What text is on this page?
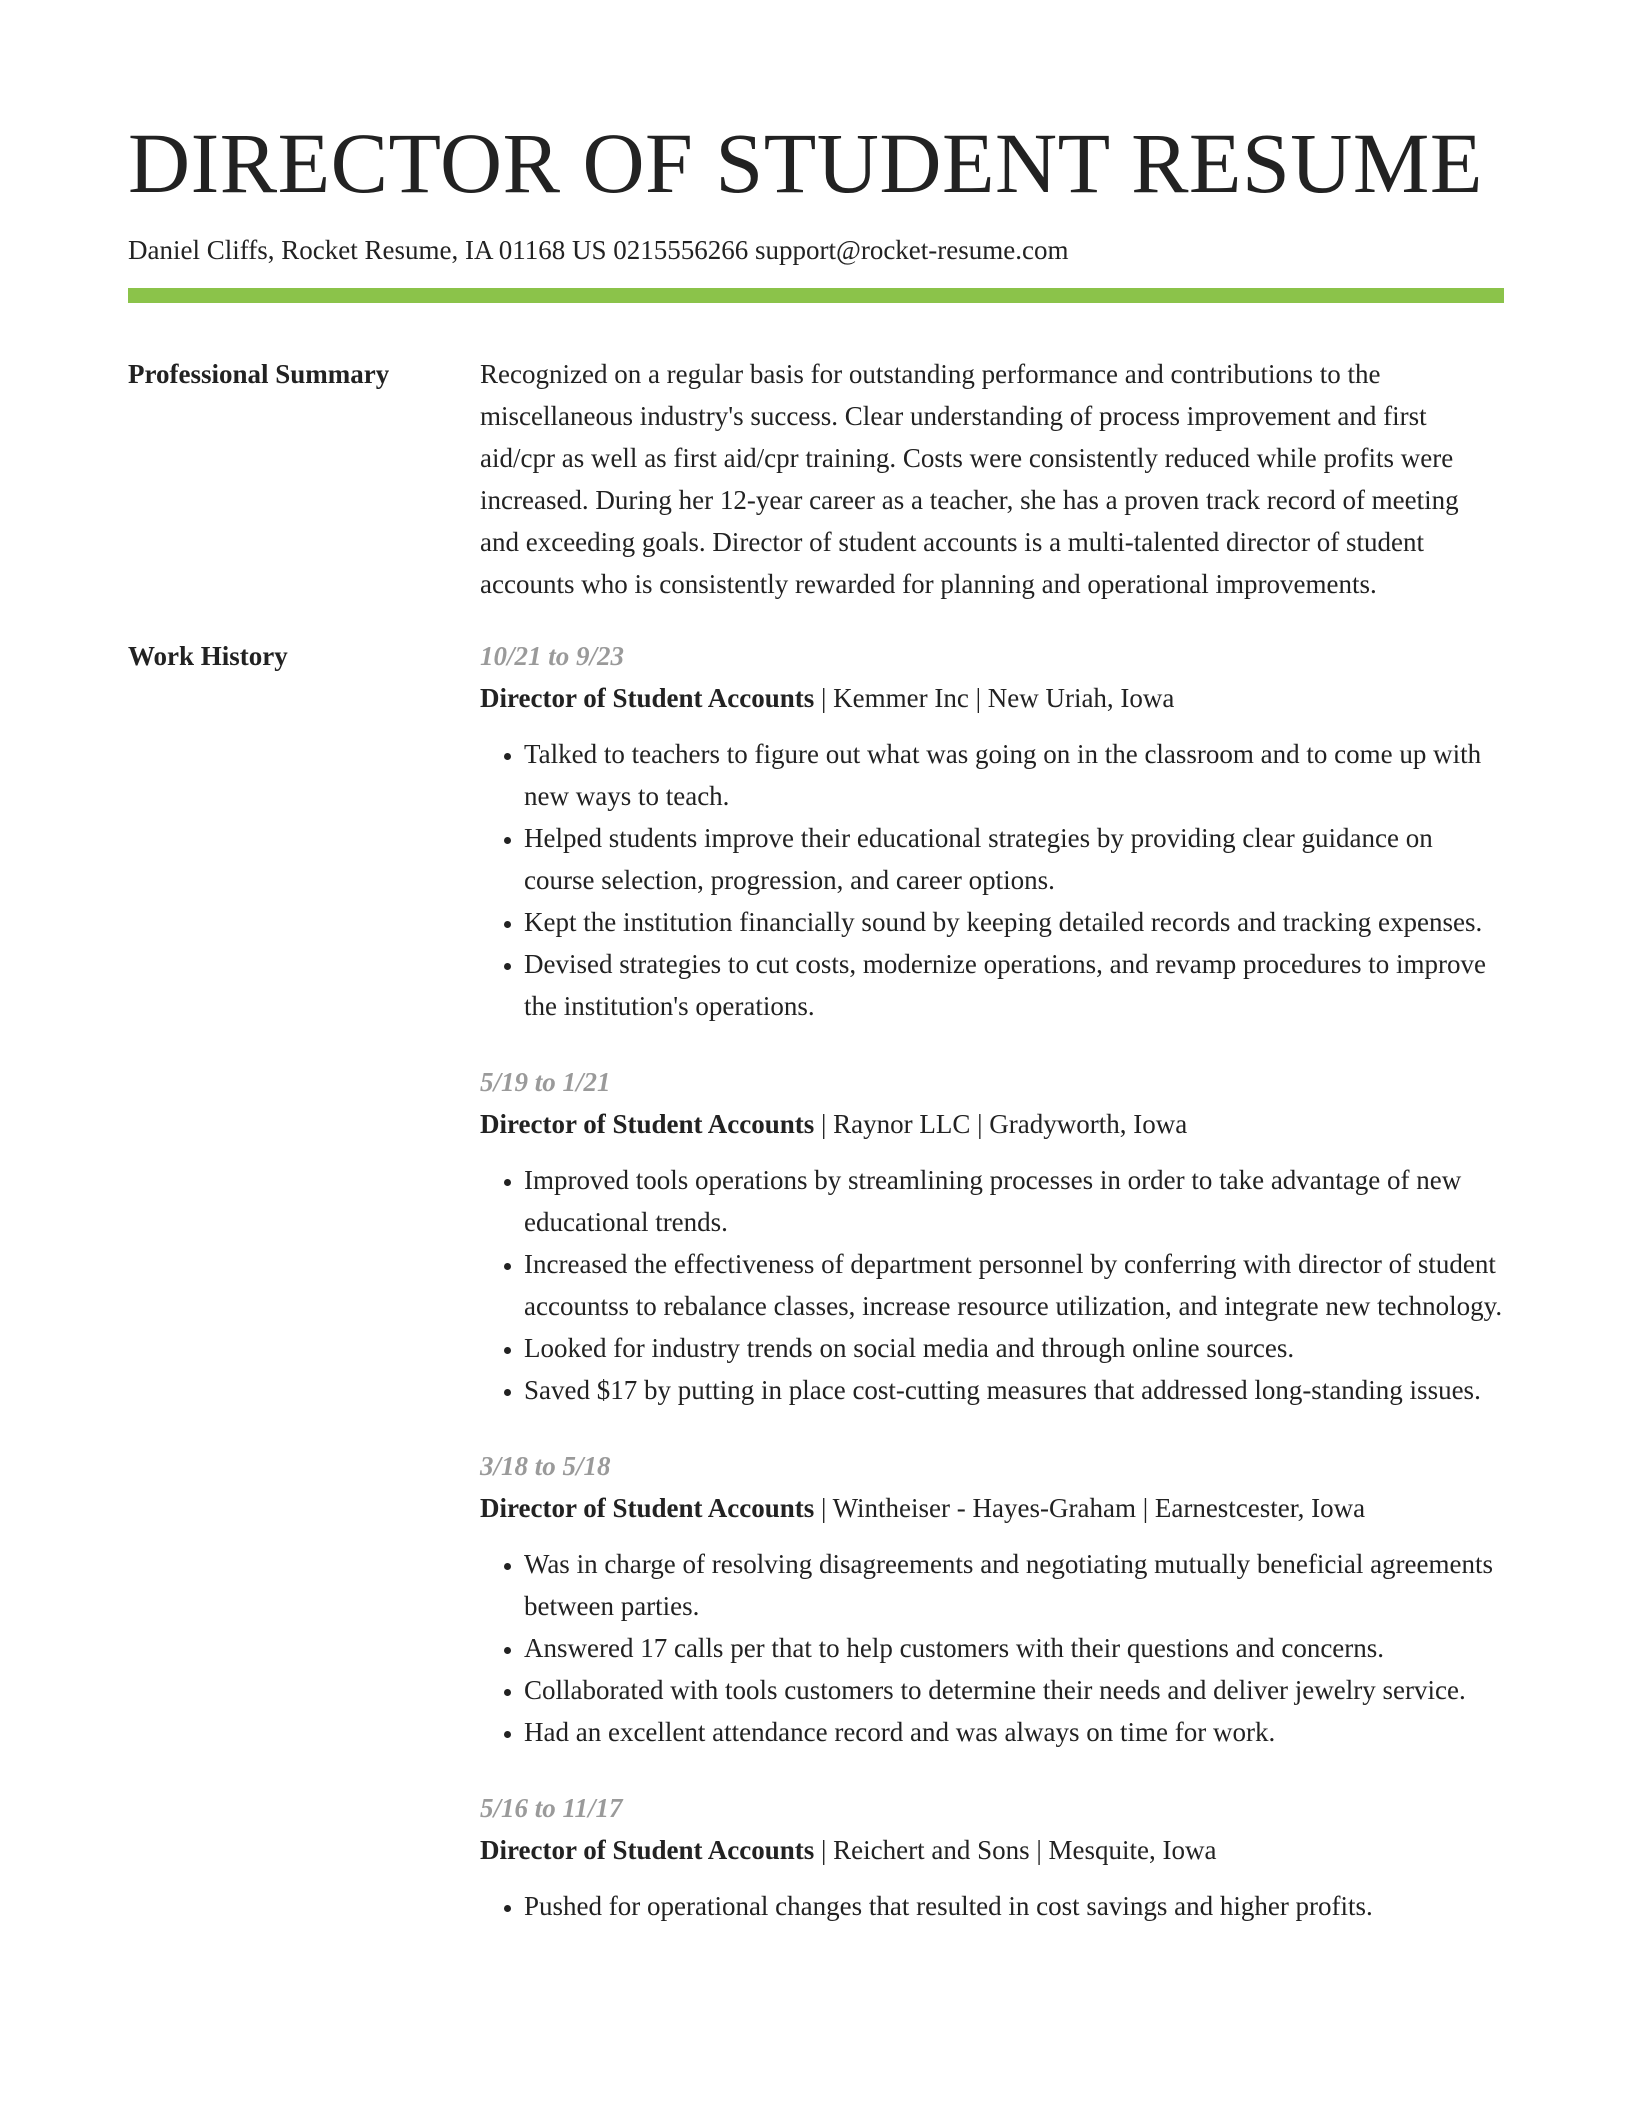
DIRECTOR OF STUDENT RESUME
Daniel Cliffs, Rocket Resume, IA 01168 US 0215556266 support@rocket-resume.com
Professional Summary	Recognized on a regular basis for outstanding performance and contributions to the miscellaneous industry's success. Clear understanding of process improvement and first aid/cpr as well as first aid/cpr training. Costs were consistently reduced while profits were increased. During her 12-year career as a teacher, she has a proven track record of meeting and exceeding goals. Director of student accounts is a multi-talented director of student accounts who is consistently rewarded for planning and operational improvements.

Work History	10/21 to 9/23
Director of Student Accounts | Kemmer Inc | New Uriah, Iowa
• Talked to teachers to figure out what was going on in the classroom and to come up with new ways to teach.
• Helped students improve their educational strategies by providing clear guidance on course selection, progression, and career options.
• Kept the institution financially sound by keeping detailed records and tracking expenses.
• Devised strategies to cut costs, modernize operations, and revamp procedures to improve the institution's operations.
5/19 to 1/21
Director of Student Accounts | Raynor LLC | Gradyworth, Iowa
• Improved tools operations by streamlining processes in order to take advantage of new educational trends.
• Increased the effectiveness of department personnel by conferring with director of student accountss to rebalance classes, increase resource utilization, and integrate new technology.
• Looked for industry trends on social media and through online sources.
• Saved $17 by putting in place cost-cutting measures that addressed long-standing issues.
3/18 to 5/18
Director of Student Accounts | Wintheiser - Hayes-Graham | Earnestcester, Iowa
• Was in charge of resolving disagreements and negotiating mutually beneficial agreements between parties.
• Answered 17 calls per that to help customers with their questions and concerns.
• Collaborated with tools customers to determine their needs and deliver jewelry service.
• Had an excellent attendance record and was always on time for work.
5/16 to 11/17
Director of Student Accounts | Reichert and Sons | Mesquite, Iowa
• Pushed for operational changes that resulted in cost savings and higher profits.
